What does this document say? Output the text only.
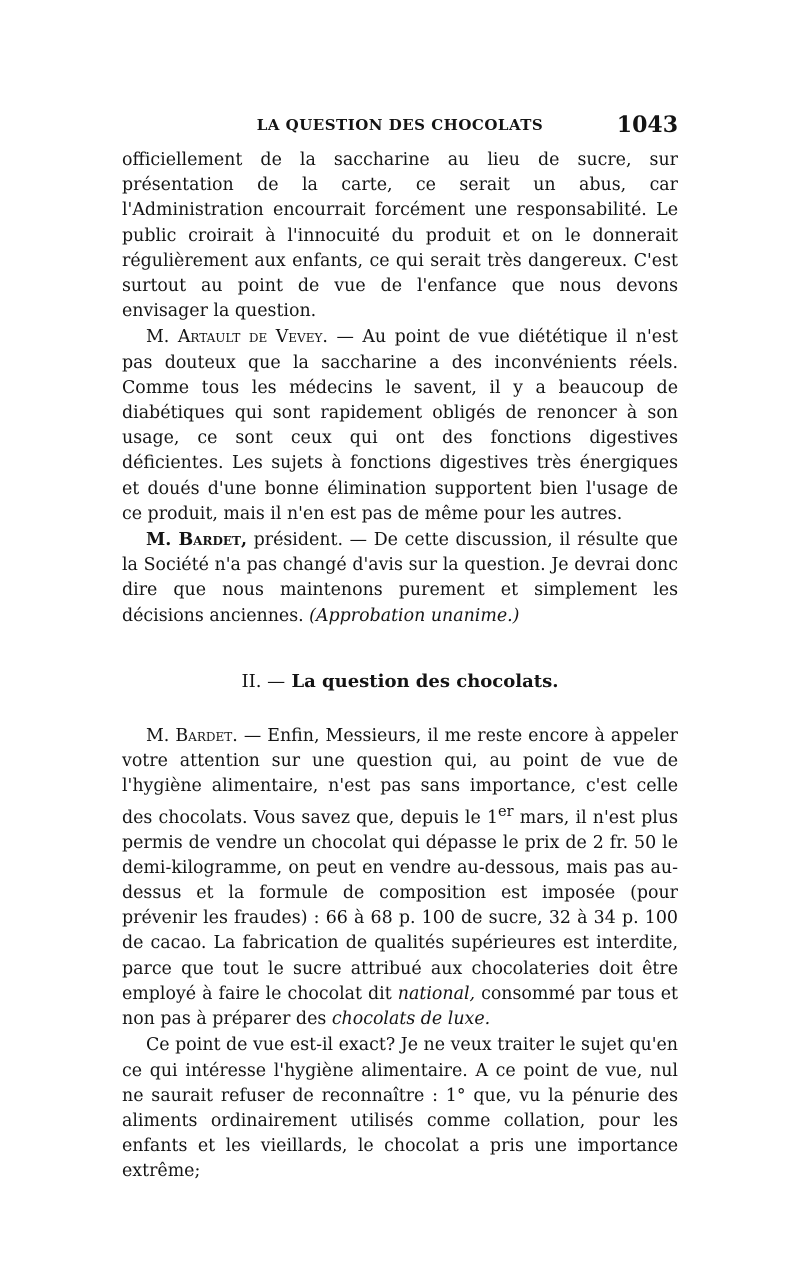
LA QUESTION DES CHOCOLATS	1043

officiellement de la saccharine au lieu de sucre, sur présentation de la carte, ce serait un abus, car l'Administration encourrait forcément une responsabilité. Le public croirait à l'innocuité du produit et on le donnerait régulièrement aux enfants, ce qui serait très dangereux. C'est surtout au point de vue de l'enfance que nous devons envisager la question.

M. Artault de Vevey. — Au point de vue diététique il n'est pas douteux que la saccharine a des inconvénients réels. Comme tous les médecins le savent, il y a beaucoup de diabétiques qui sont rapidement obligés de renoncer à son usage, ce sont ceux qui ont des fonctions digestives déficientes. Les sujets à fonctions digestives très énergiques et doués d'une bonne élimination supportent bien l'usage de ce produit, mais il n'en est pas de même pour les autres.

M. Bardet, président. — De cette discussion, il résulte que la Société n'a pas changé d'avis sur la question. Je devrai donc dire que nous maintenons purement et simplement les décisions anciennes. (Approbation unanime.)

II. — La question des chocolats.

M. Bardet. — Enfin, Messieurs, il me reste encore à appeler votre attention sur une question qui, au point de vue de l'hygiène alimentaire, n'est pas sans importance, c'est celle des chocolats. Vous savez que, depuis le 1er mars, il n'est plus permis de vendre un chocolat qui dépasse le prix de 2 fr. 50 le demi-kilogramme, on peut en vendre au-dessous, mais pas au-dessus et la formule de composition est imposée (pour prévenir les fraudes) : 66 à 68 p. 100 de sucre, 32 à 34 p. 100 de cacao. La fabrication de qualités supérieures est interdite, parce que tout le sucre attribué aux chocolateries doit être employé à faire le chocolat dit national, consommé par tous et non pas à préparer des chocolats de luxe.

Ce point de vue est-il exact? Je ne veux traiter le sujet qu'en ce qui intéresse l'hygiène alimentaire. A ce point de vue, nul ne saurait refuser de reconnaître : 1° que, vu la pénurie des aliments ordinairement utilisés comme collation, pour les enfants et les vieillards, le chocolat a pris une importance extrême;
